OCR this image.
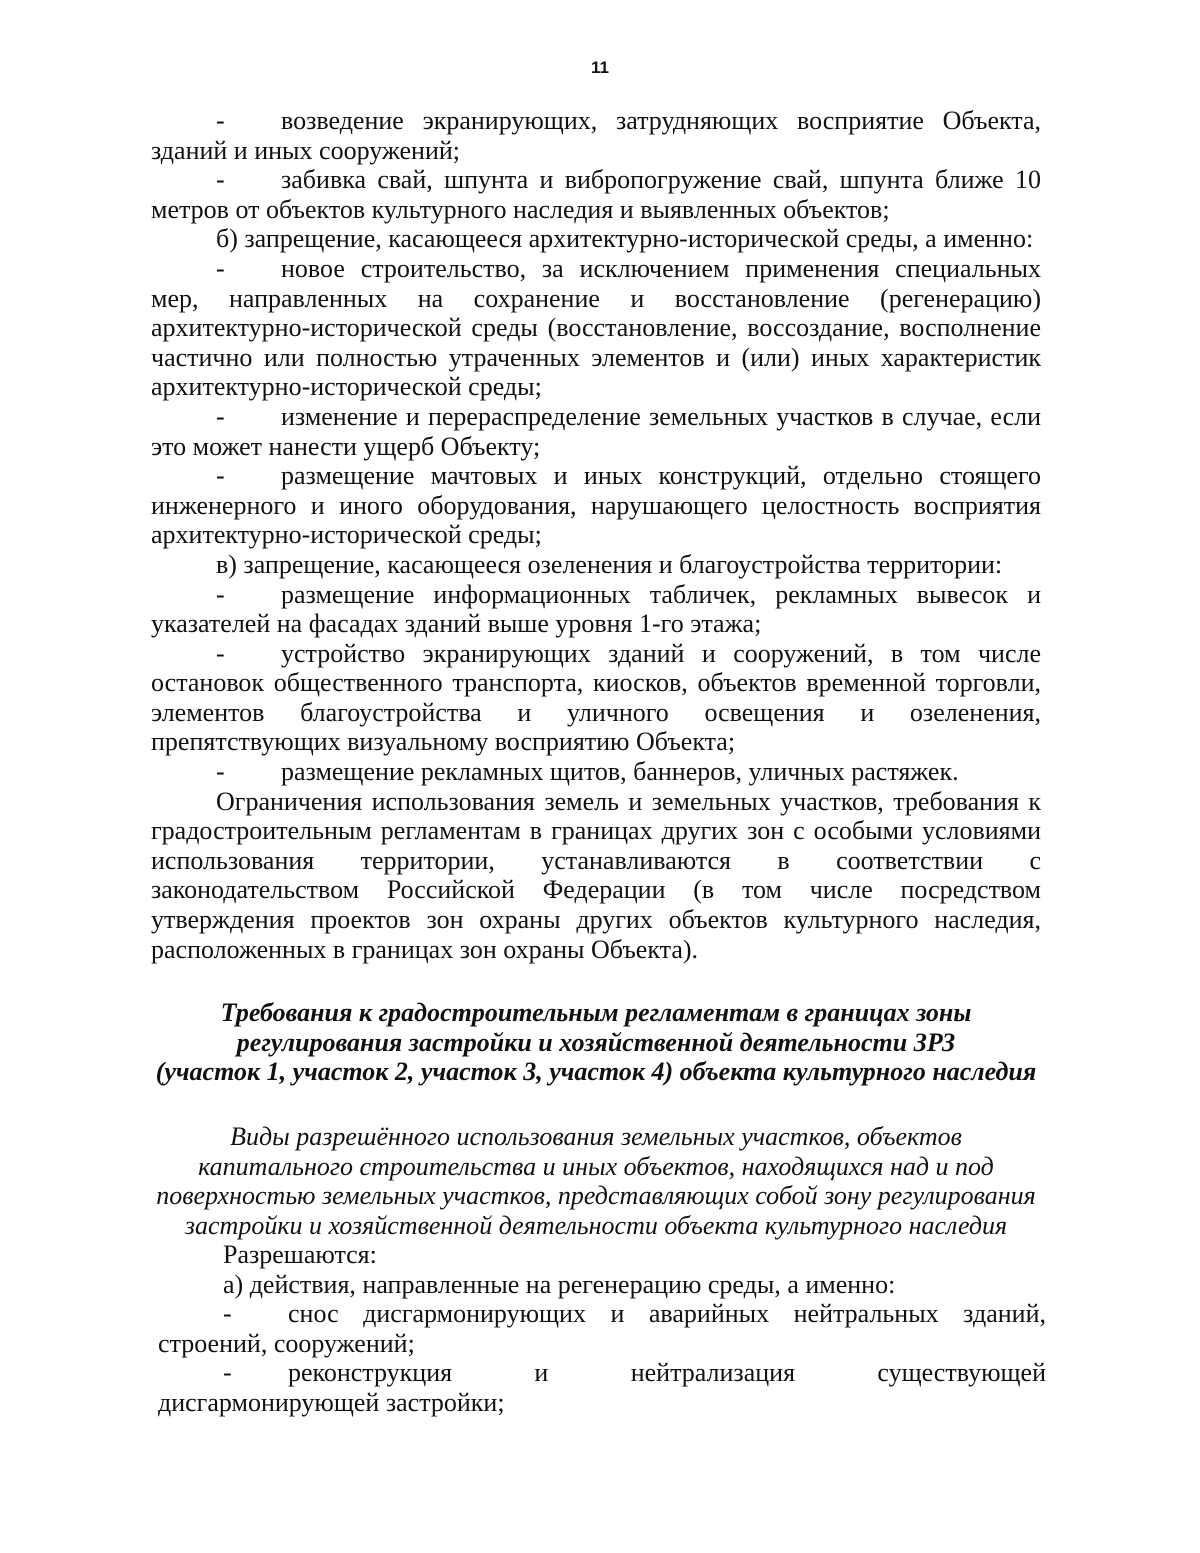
11

- возведение экранирующих, затрудняющих восприятие Объекта, зданий и иных сооружений;

- забивка свай, шпунта и вибропогружение свай, шпунта ближе 10 метров от объектов культурного наследия и выявленных объектов;

б) запрещение, касающееся архитектурно-исторической среды, а именно:

- новое строительство, за исключением применения специальных мер, направленных на сохранение и восстановление (регенерацию) архитектурно-исторической среды (восстановление, воссоздание, восполнение частично или полностью утраченных элементов и (или) иных характеристик архитектурно-исторической среды;

- изменение и перераспределение земельных участков в случае, если это может нанести ущерб Объекту;

- размещение мачтовых и иных конструкций, отдельно стоящего инженерного и иного оборудования, нарушающего целостность восприятия архитектурно-исторической среды;

в) запрещение, касающееся озеленения и благоустройства территории:

- размещение информационных табличек, рекламных вывесок и указателей на фасадах зданий выше уровня 1-го этажа;

- устройство экранирующих зданий и сооружений, в том числе остановок общественного транспорта, киосков, объектов временной торговли, элементов благоустройства и уличного освещения и озеленения, препятствующих визуальному восприятию Объекта;

- размещение рекламных щитов, баннеров, уличных растяжек.

Ограничения использования земель и земельных участков, требования к градостроительным регламентам в границах других зон с особыми условиями использования территории, устанавливаются в соответствии с законодательством Российской Федерации (в том числе посредством утверждения проектов зон охраны других объектов культурного наследия, расположенных в границах зон охраны Объекта).

Требования к градостроительным регламентам в границах зоны
регулирования застройки и хозяйственной деятельности ЗРЗ
(участок 1, участок 2, участок 3, участок 4) объекта культурного наследия
Виды разрешённого использования земельных участков, объектов
капитального строительства и иных объектов, находящихся над и под
поверхностью земельных участков, представляющих собой зону регулирования
застройки и хозяйственной деятельности объекта культурного наследия

Разрешаются:

а) действия, направленные на регенерацию среды, а именно:

- снос дисгармонирующих и аварийных нейтральных зданий, строений, сооружений;

- реконструкция и нейтрализация существующей дисгармонирующей застройки;
